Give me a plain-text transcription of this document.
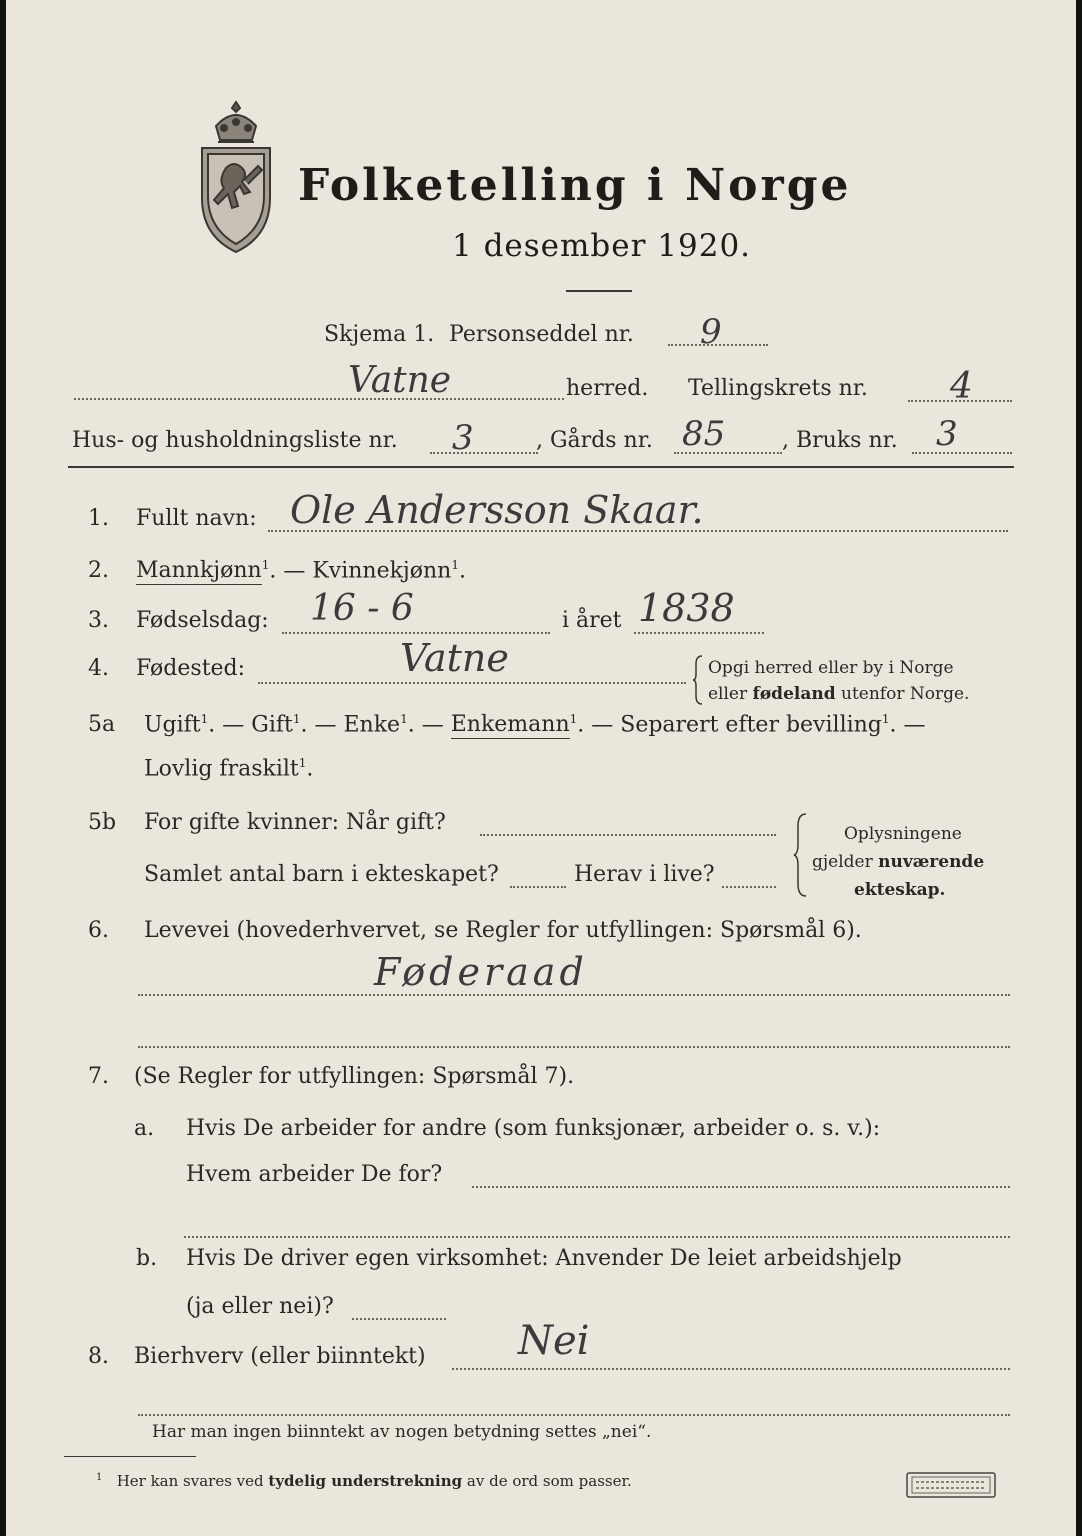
Folketelling i Norge
1 desember 1920.
Skjema 1. Personseddel nr. 9
Vatne	herred. Tellingskrets nr. 4
Hus- og husholdningsliste nr. 3	, Gårds nr. 85	, Bruks nr. 3
1. Fullt navn: Ole Andersson Skaar.
2. Mannkjønn$^1$. — Kvinnekjønn$^1$.
3. Fødselsdag: 16 - 6	i året 1838
4. Fødested:	Vatne	Opgi herred eller by i Norge
eller fødeland utenfor Norge.
5a Ugift$^1$. — Gift$^1$. — Enke$^1$. — Enkemann$^1$. — Separert efter bevilling$^1$. —
Lovlig fraskilt$^1$.
5b For gifte kvinner: Når gift?
Samlet antal barn i ekteskapet?	Herav i live?
Oplysningene
gjelder nuværende
ekteskap.
6. Levevei (hovederhvervet, se Regler for utfyllingen: Spørsmål 6).
Føderaad
7. (Se Regler for utfyllingen: Spørsmål 7).
a. Hvis De arbeider for andre (som funksjonær, arbeider o. s. v.):
Hvem arbeider De for?
b. Hvis De driver egen virksomhet: Anvender De leiet arbeidshjelp
(ja eller nei)?
8. Bierhverv (eller biinntekt) Nei
Har man ingen biinntekt av nogen betydning settes „nei“.
$^1$ Her kan svares ved tydelig understrekning av de ord som passer.
